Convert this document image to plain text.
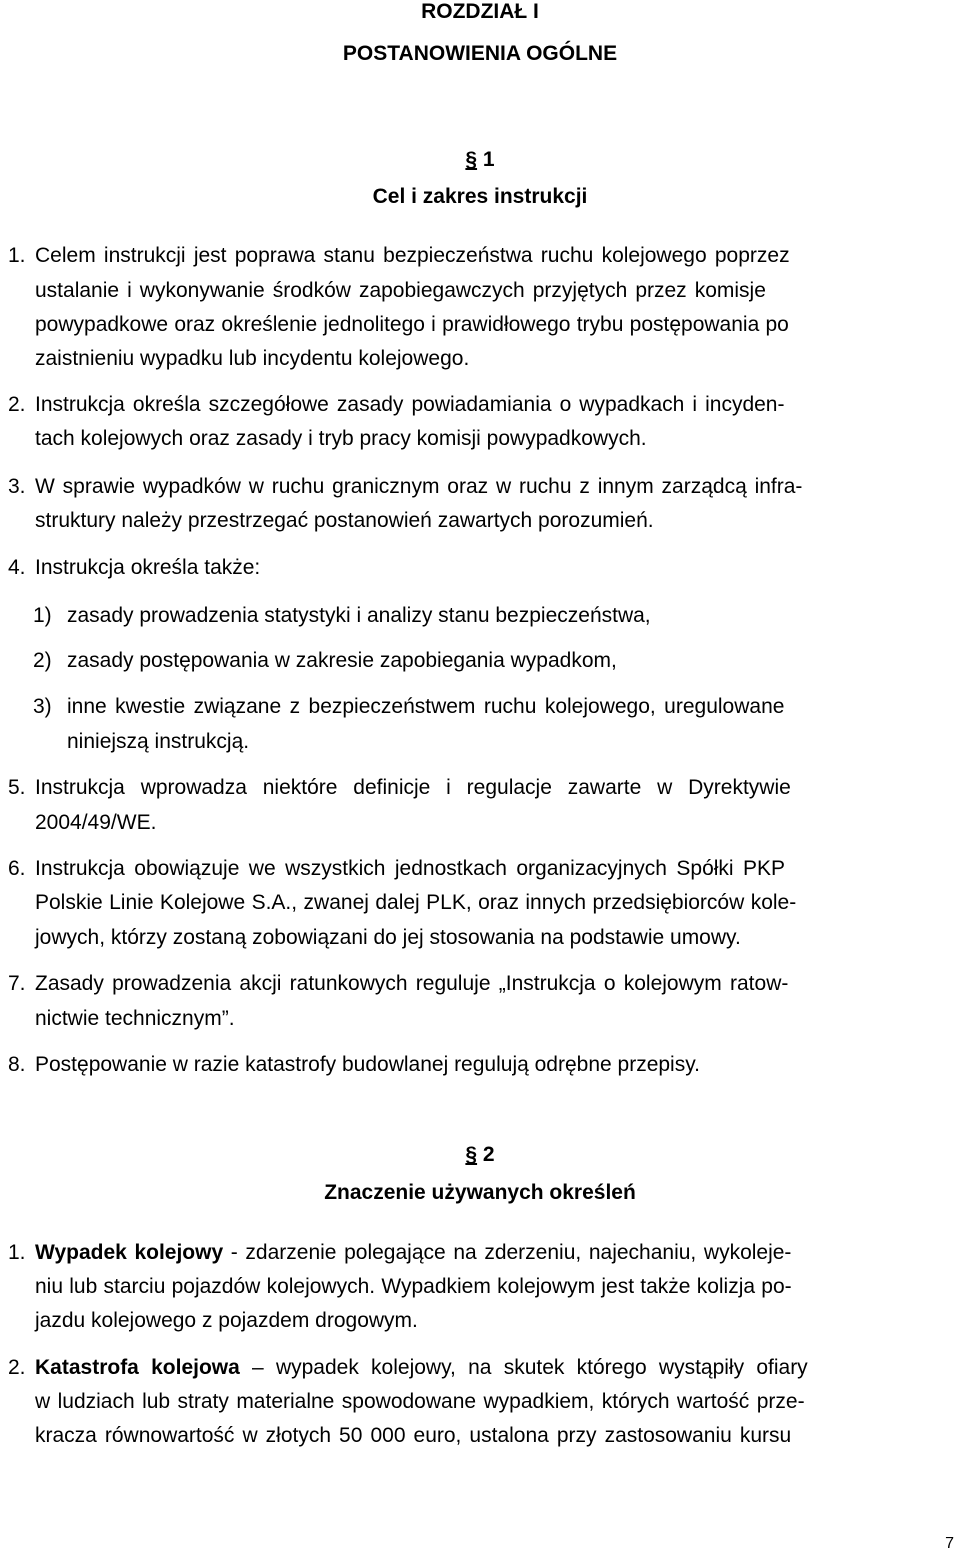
ROZDZIAŁ I
POSTANOWIENIA OGÓLNE
§ 1
Cel i zakres instrukcji
1. Celem instrukcji jest poprawa stanu bezpieczeństwa ruchu kolejowego poprzez
ustalanie i wykonywanie środków zapobiegawczych przyjętych przez komisje
powypadkowe oraz określenie jednolitego i prawidłowego trybu postępowania po
zaistnieniu wypadku lub incydentu kolejowego.
2. Instrukcja określa szczegółowe zasady powiadamiania o wypadkach i incyden-
tach kolejowych oraz zasady i tryb pracy komisji powypadkowych.
3. W sprawie wypadków w ruchu granicznym oraz w ruchu z innym zarządcą infra-
struktury należy przestrzegać postanowień zawartych porozumień.
4. Instrukcja określa także:
1) zasady prowadzenia statystyki i analizy stanu bezpieczeństwa,
2) zasady postępowania w zakresie zapobiegania wypadkom,
3) inne kwestie związane z bezpieczeństwem ruchu kolejowego, uregulowane
niniejszą instrukcją.
5. Instrukcja wprowadza niektóre definicje i regulacje zawarte w Dyrektywie
2004/49/WE.
6. Instrukcja obowiązuje we wszystkich jednostkach organizacyjnych Spółki PKP
Polskie Linie Kolejowe S.A., zwanej dalej PLK, oraz innych przedsiębiorców kole-
jowych, którzy zostaną zobowiązani do jej stosowania na podstawie umowy.
7. Zasady prowadzenia akcji ratunkowych reguluje „Instrukcja o kolejowym ratow-
nictwie technicznym”.
8. Postępowanie w razie katastrofy budowlanej regulują odrębne przepisy.
§ 2
Znaczenie używanych określeń
1. Wypadek kolejowy - zdarzenie polegające na zderzeniu, najechaniu, wykoleje-
niu lub starciu pojazdów kolejowych. Wypadkiem kolejowym jest także kolizja po-
jazdu kolejowego z pojazdem drogowym.
2. Katastrofa kolejowa – wypadek kolejowy, na skutek którego wystąpiły ofiary
w ludziach lub straty materialne spowodowane wypadkiem, których wartość prze-
kracza równowartość w złotych 50 000 euro, ustalona przy zastosowaniu kursu
7
